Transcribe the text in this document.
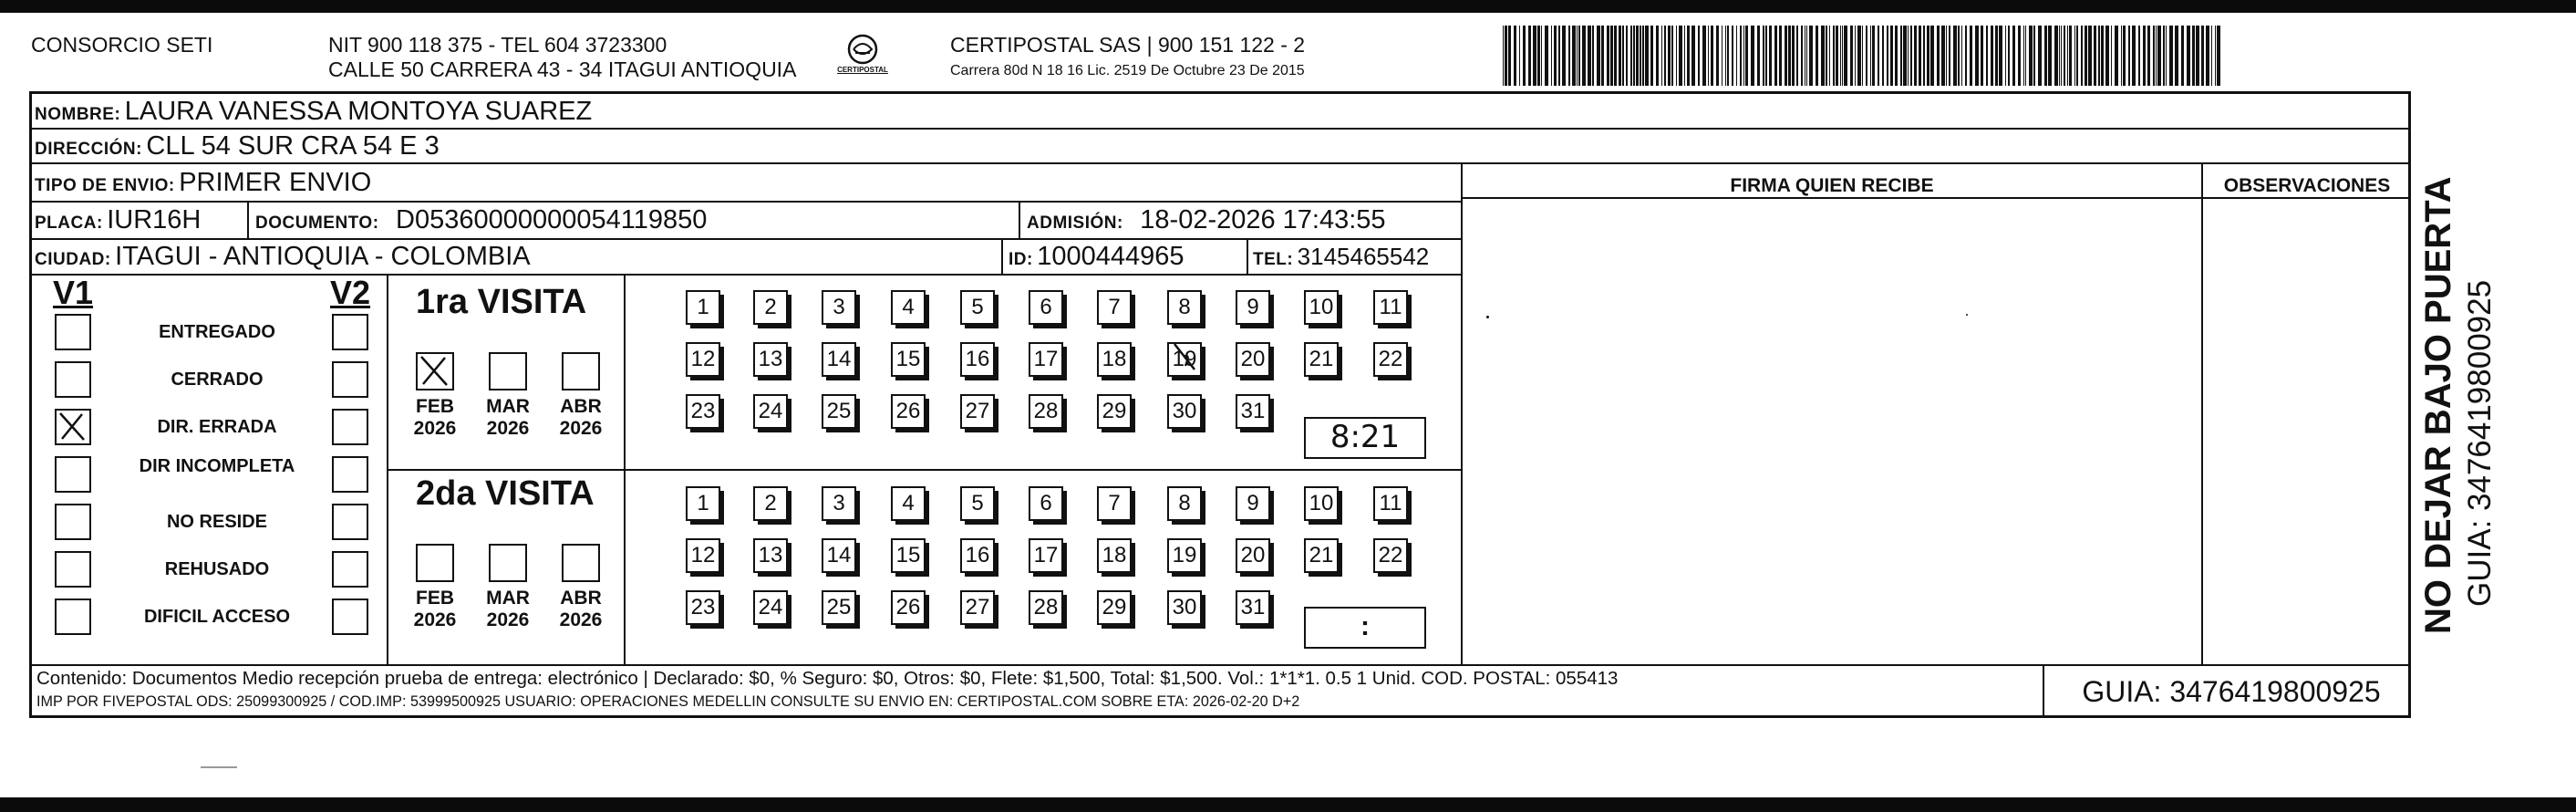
CONSORCIO SETI	NIT 900 118 375 - TEL 604 3723300
CALLE 50 CARRERA 43 - 34 ITAGUI ANTIOQUIA	CERTIPOSTAL
CERTIPOSTAL SAS | 900 151 122 - 2
Carrera 80d N 18 16 Lic. 2519 De Octubre 23 De 2015
NOMBRE: LAURA VANESSA MONTOYA SUAREZ
DIRECCIÓN: CLL 54 SUR CRA 54 E 3
TIPO DE ENVIO: PRIMER ENVIO
PLACA: IUR16H	DOCUMENTO: D05360000000054119850	ADMISIÓN: 18-02-2026 17:43:55
CIUDAD: ITAGUI - ANTIOQUIA - COLOMBIA	ID: 1000444965	TEL: 3145465542
FIRMA QUIEN RECIBE	OBSERVACIONES
V1	V2
ENTREGADO
CERRADO
DIR. ERRADA
DIR INCOMPLETA
NO RESIDE
REHUSADO
DIFICIL ACCESO
1ra VISITA
FEB
2026
MAR
2026
ABR
2026
1	2	3	4	5	6	7	8	9	10 11
12 13 14 15 16 17 18 19 20 21 22
23 24 25 26 27 28 29 30 31
8:21
2da VISITA
FEB
2026
MAR
2026
ABR
2026
1	2	3	4	5	6	7	8	9	10 11
12 13 14 15 16 17 18 19 20 21 22
23 24 25 26 27 28 29 30 31
:
Contenido: Documentos Medio recepción prueba de entrega: electrónico | Declarado: $0, % Seguro: $0, Otros: $0, Flete: $1,500, Total: $1,500. Vol.: 1*1*1. 0.5 1 Unid. COD. POSTAL: 055413
IMP POR FIVEPOSTAL ODS: 25099300925 / COD.IMP: 53999500925 USUARIO: OPERACIONES MEDELLIN CONSULTE SU ENVIO EN: CERTIPOSTAL.COM SOBRE ETA: 2026-02-20 D+2	GUIA: 3476419800925
NO DEJAR BAJO PUERTA GUIA: 3476419800925
